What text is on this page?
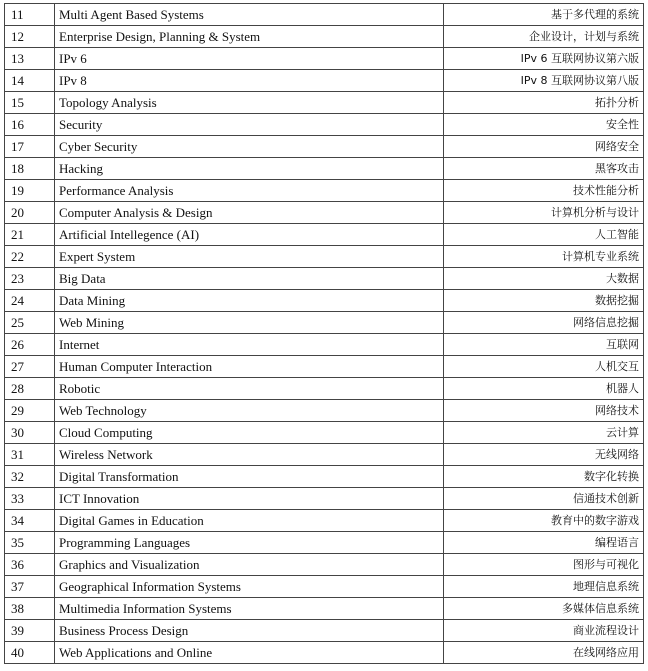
11	Multi Agent Based Systems	基于多代理的系统
12	Enterprise Design, Planning & System	企业设计，计划与系统
13	IPv 6	IPv 6 互联网协议第六版
14	IPv 8	IPv 8 互联网协议第八版
15	Topology Analysis	拓扑分析
16	Security	安全性
17	Cyber Security	网络安全
18	Hacking	黑客攻击
19	Performance Analysis	技术性能分析
20	Computer Analysis & Design	计算机分析与设计
21	Artificial Intellegence (AI)	人工智能
22	Expert System	计算机专业系统
23	Big Data	大数据
24	Data Mining	数据挖掘
25	Web Mining	网络信息挖掘
26	Internet	互联网
27	Human Computer Interaction	人机交互
28	Robotic	机器人
29	Web Technology	网络技术
30	Cloud Computing	云计算
31	Wireless Network	无线网络
32	Digital Transformation	数字化转换
33	ICT Innovation	信通技术创新
34	Digital Games in Education	教育中的数字游戏
35	Programming Languages	编程语言
36	Graphics and Visualization	图形与可视化
37	Geographical Information Systems	地理信息系统
38	Multimedia Information Systems	多媒体信息系统
39	Business Process Design	商业流程设计
40	Web Applications and Online	在线网络应用
